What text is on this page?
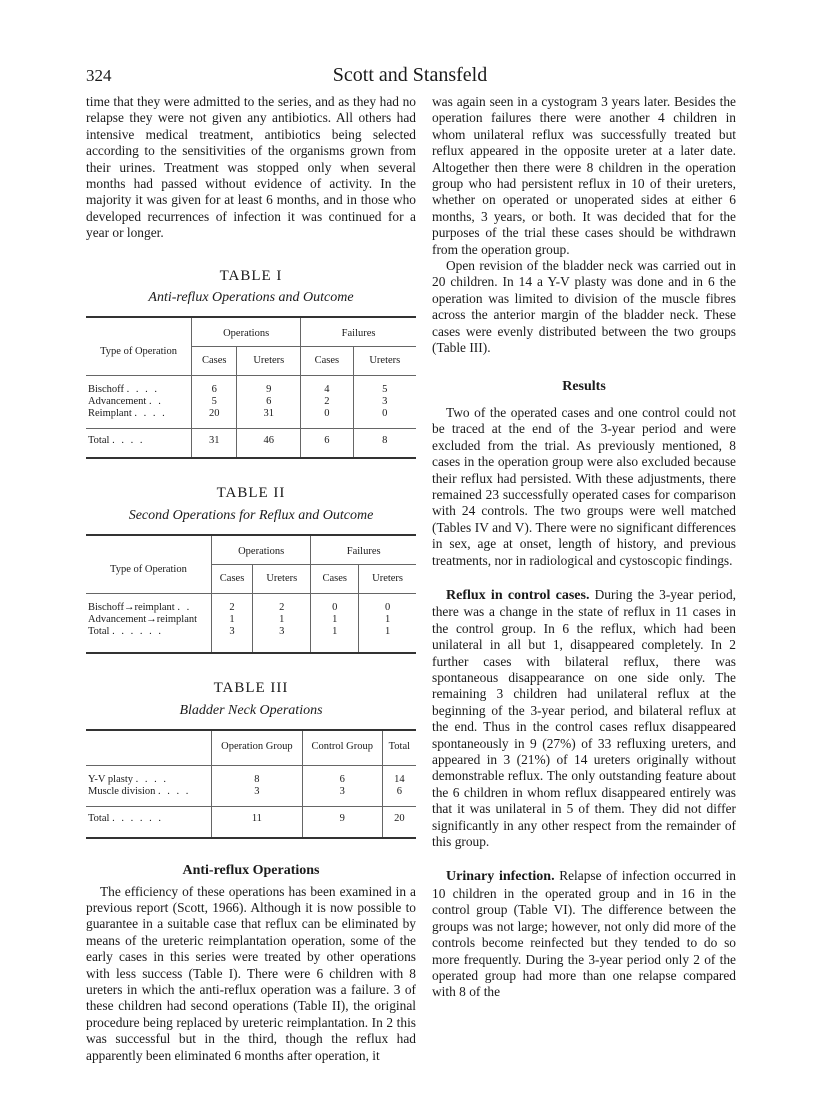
324	Scott and Stansfeld

time that they were admitted to the series, and as they had no relapse they were not given any antibiotics. All others had intensive medical treatment, antibiotics being selected according to the sensitivities of the organisms grown from their urines. Treatment was stopped only when several months had passed without evidence of activity. In the majority it was given for at least 6 months, and in those who developed recurrences of infection it was continued for a year or longer.

TABLE I
Anti-reflux Operations and Outcome
Type of Operation	Operations		Failures	
	Cases	Ureters	Cases	Ureters
Bischoff . . . .	6	9	4	5
Advancement . .	5	6	2	3
Reimplant . . . .	20	31	0	0
Total . . . .	31	46	6	8
TABLE II
Second Operations for Reflux and Outcome
Type of Operation	Operations		Failures	
	Cases	Ureters	Cases	Ureters
Bischoff→reimplant . .	2	2	0	0
Advancement→reimplant	1	1	1	1
Total . . . . . .	3	3	1	1
TABLE III
Bladder Neck Operations
	Operation Group	Control Group	Total
Y-V plasty . . . .	8	6	14
Muscle division . . . .	3	3	6
Total . . . . . .	11	9	20
Anti-reflux Operations

The efficiency of these operations has been examined in a previous report (Scott, 1966). Although it is now possible to guarantee in a suitable case that reflux can be eliminated by means of the ureteric reimplantation operation, some of the early cases in this series were treated by other operations with less success (Table I). There were 6 children with 8 ureters in which the anti-reflux operation was a failure. 3 of these children had second operations (Table II), the original procedure being replaced by ureteric reimplantation. In 2 this was successful but in the third, though the reflux had apparently been eliminated 6 months after operation, it

was again seen in a cystogram 3 years later. Besides the operation failures there were another 4 children in whom unilateral reflux was successfully treated but reflux appeared in the opposite ureter at a later date. Altogether then there were 8 children in the operation group who had persistent reflux in 10 of their ureters, whether on operated or unoperated sides at either 6 months, 3 years, or both. It was decided that for the purposes of the trial these cases should be withdrawn from the operation group.

Open revision of the bladder neck was carried out in 20 children. In 14 a Y-V plasty was done and in 6 the operation was limited to division of the muscle fibres across the anterior margin of the bladder neck. These cases were evenly distributed between the two groups (Table III).

Results

Two of the operated cases and one control could not be traced at the end of the 3-year period and were excluded from the trial. As previously mentioned, 8 cases in the operation group were also excluded because their reflux had persisted. With these adjustments, there remained 23 successfully operated cases for comparison with 24 controls. The two groups were well matched (Tables IV and V). There were no significant differences in sex, age at onset, length of history, and previous treatments, nor in radiological and cystoscopic findings.

Reflux in control cases. During the 3-year period, there was a change in the state of reflux in 11 cases in the control group. In 6 the reflux, which had been unilateral in all but 1, disappeared completely. In 2 further cases with bilateral reflux, there was spontaneous disappearance on one side only. The remaining 3 children had unilateral reflux at the beginning of the 3-year period, and bilateral reflux at the end. Thus in the control cases reflux disappeared spontaneously in 9 (27%) of 33 refluxing ureters, and appeared in 3 (21%) of 14 ureters originally without demonstrable reflux. The only outstanding feature about the 6 children in whom reflux disappeared entirely was that it was unilateral in 5 of them. They did not differ significantly in any other respect from the remainder of this group.

Urinary infection. Relapse of infection occurred in 10 children in the operated group and in 16 in the control group (Table VI). The difference between the groups was not large; however, not only did more of the controls become reinfected but they tended to do so more frequently. During the 3-year period only 2 of the operated group had more than one relapse compared with 8 of the
